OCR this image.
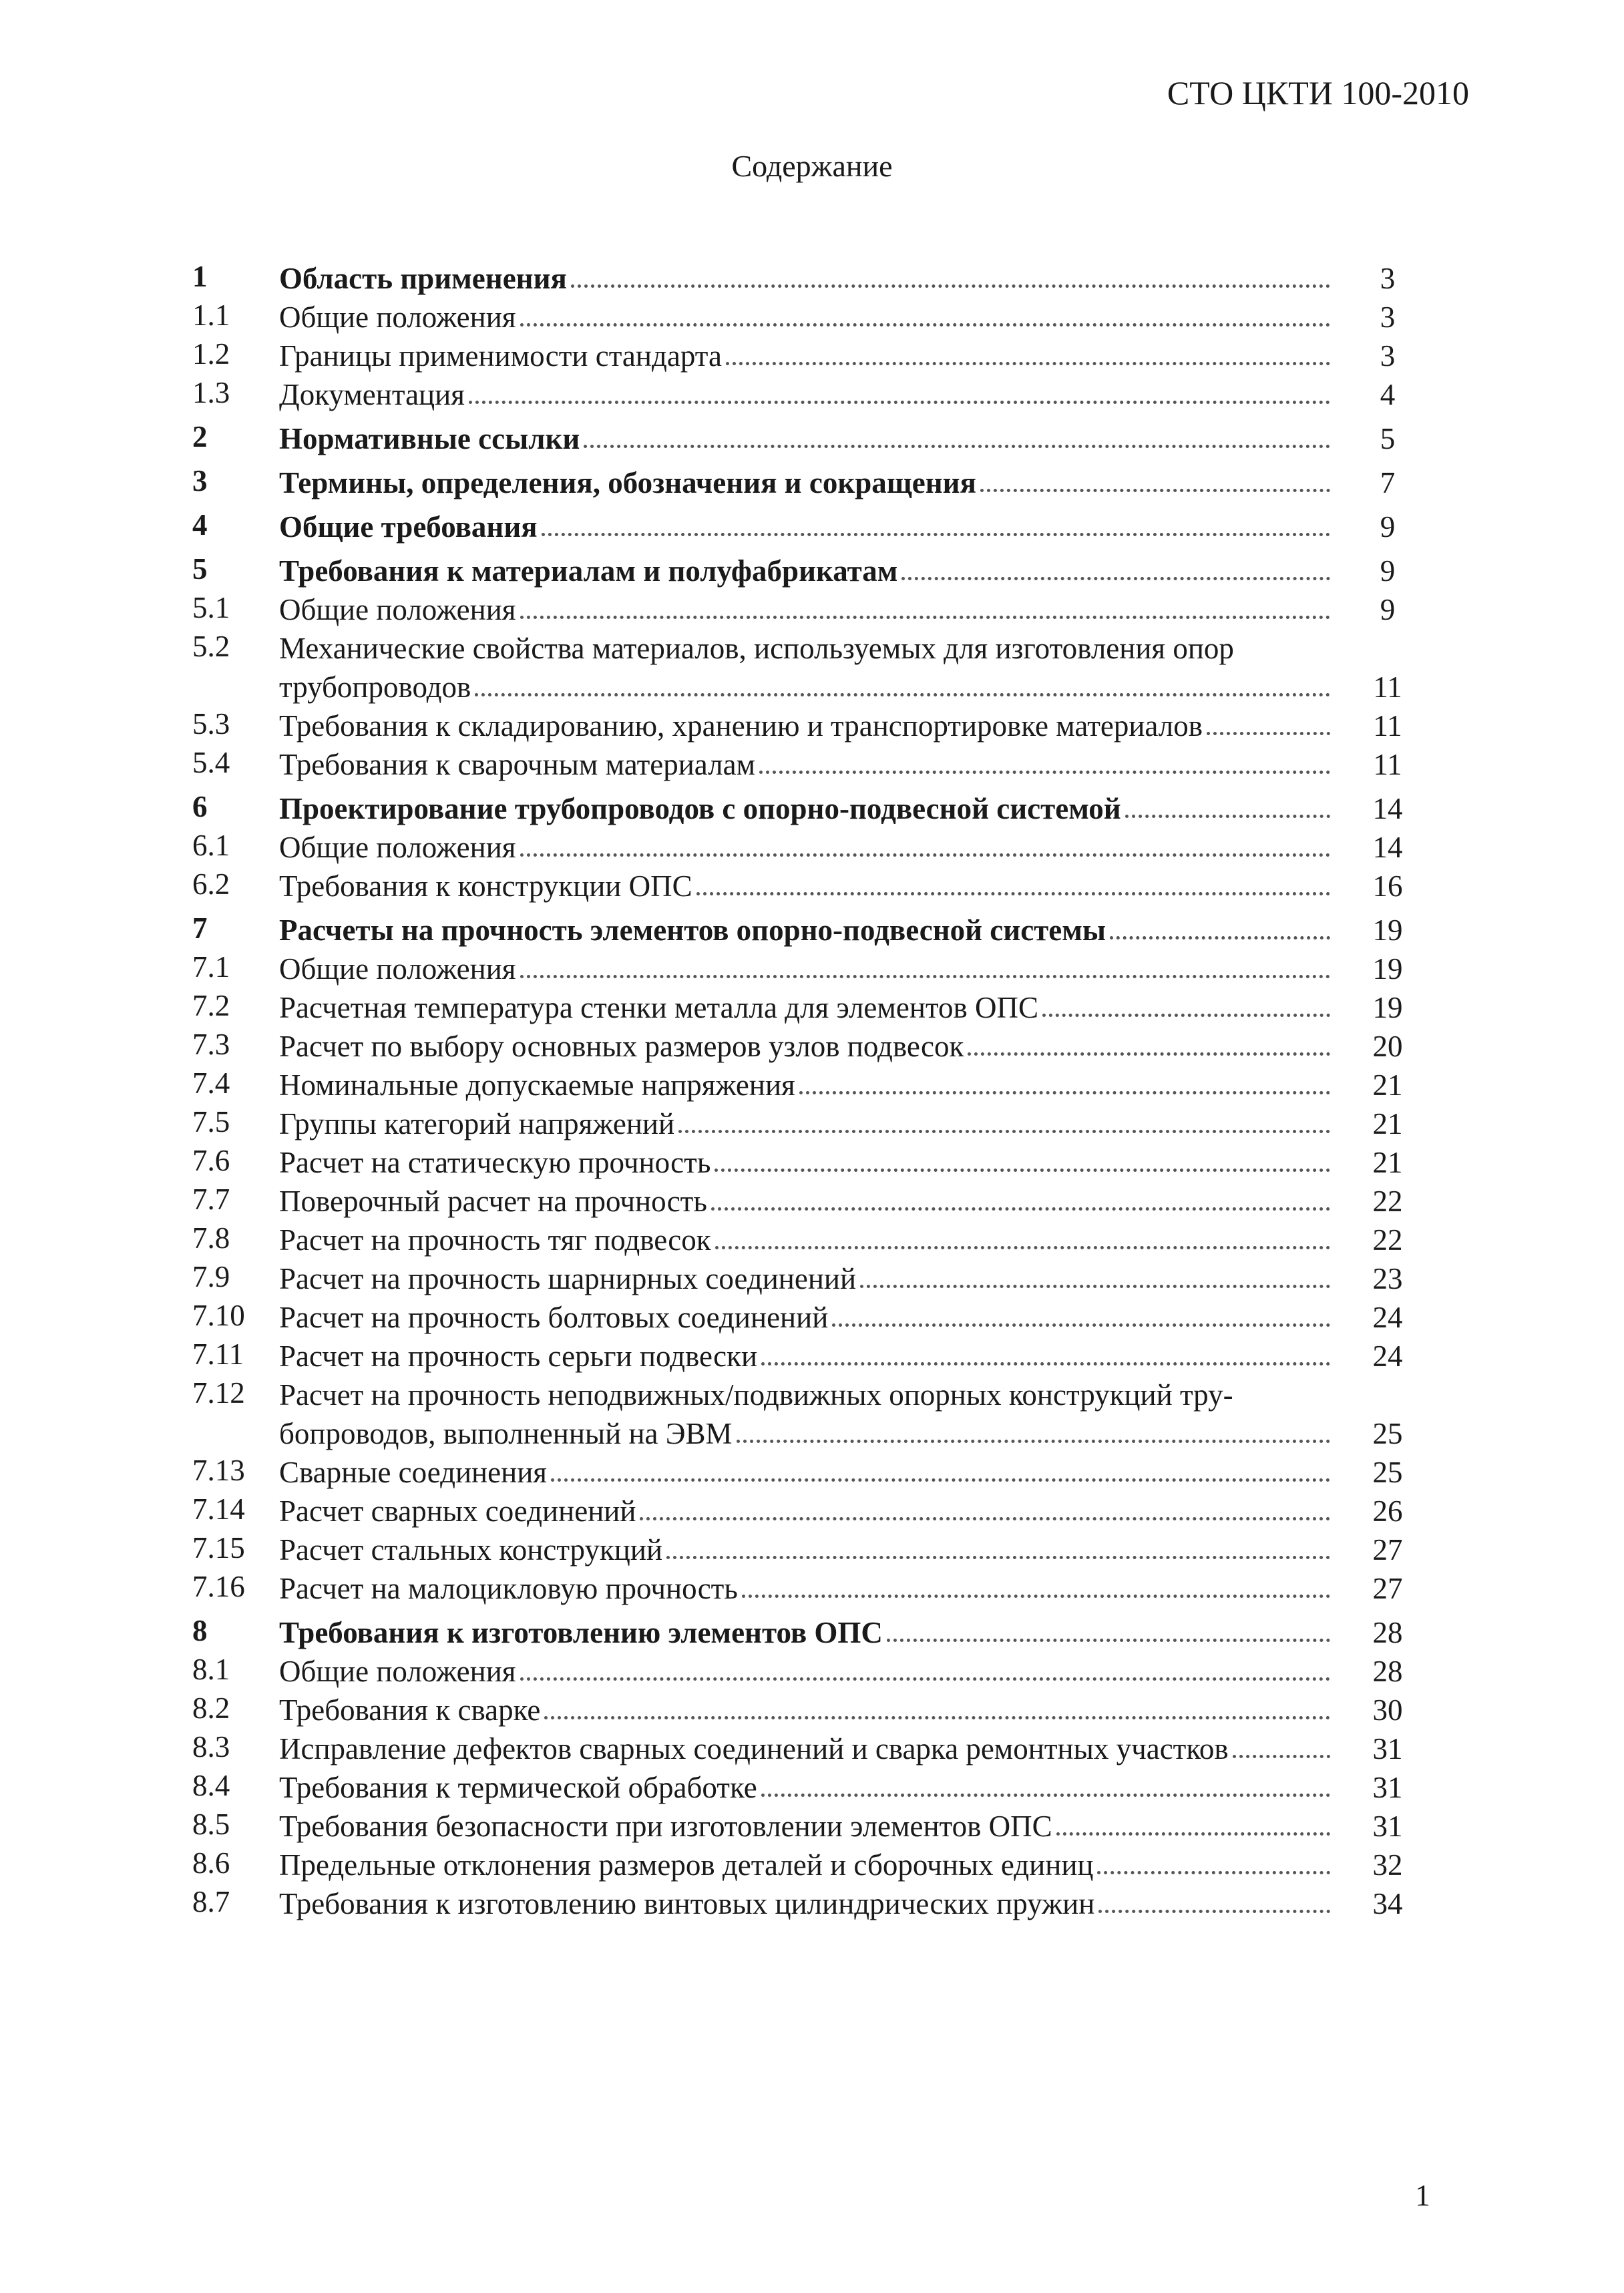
СТО ЦКТИ 100-2010
Содержание
1 Область применения	3
1.1 Общие положения	3
1.2 Границы применимости стандарта	3
1.3 Документация	4
2 Нормативные ссылки	5
3 Термины, определения, обозначения и сокращения	7
4 Общие требования	9
5 Требования к материалам и полуфабрикатам	9
5.1 Общие положения	9
5.2 Механические свойства материалов, используемых для изготовления опор
трубопроводов	11
5.3 Требования к складированию, хранению и транспортировке материалов	11
5.4 Требования к сварочным материалам	11
6 Проектирование трубопроводов с опорно-подвесной системой	14
6.1 Общие положения	14
6.2 Требования к конструкции ОПС	16
7 Расчеты на прочность элементов опорно-подвесной системы	19
7.1 Общие положения	19
7.2 Расчетная температура стенки металла для элементов ОПС	19
7.3 Расчет по выбору основных размеров узлов подвесок	20
7.4 Номинальные допускаемые напряжения	21
7.5 Группы категорий напряжений	21
7.6 Расчет на статическую прочность	21
7.7 Поверочный расчет на прочность	22
7.8 Расчет на прочность тяг подвесок	22
7.9 Расчет на прочность шарнирных соединений	23
7.10 Расчет на прочность болтовых соединений	24
7.11 Расчет на прочность серьги подвески	24
7.12 Расчет на прочность неподвижных/подвижных опорных конструкций тру-
бопроводов, выполненный на ЭВМ	25
7.13 Сварные соединения	25
7.14 Расчет сварных соединений	26
7.15 Расчет стальных конструкций	27
7.16 Расчет на малоцикловую прочность	27
8 Требования к изготовлению элементов ОПС	28
8.1 Общие положения	28
8.2 Требования к сварке	30
8.3 Исправление дефектов сварных соединений и сварка ремонтных участков	31
8.4 Требования к термической обработке	31
8.5 Требования безопасности при изготовлении элементов ОПС	31
8.6 Предельные отклонения размеров деталей и сборочных единиц	32
8.7 Требования к изготовлению винтовых цилиндрических пружин	34
1
